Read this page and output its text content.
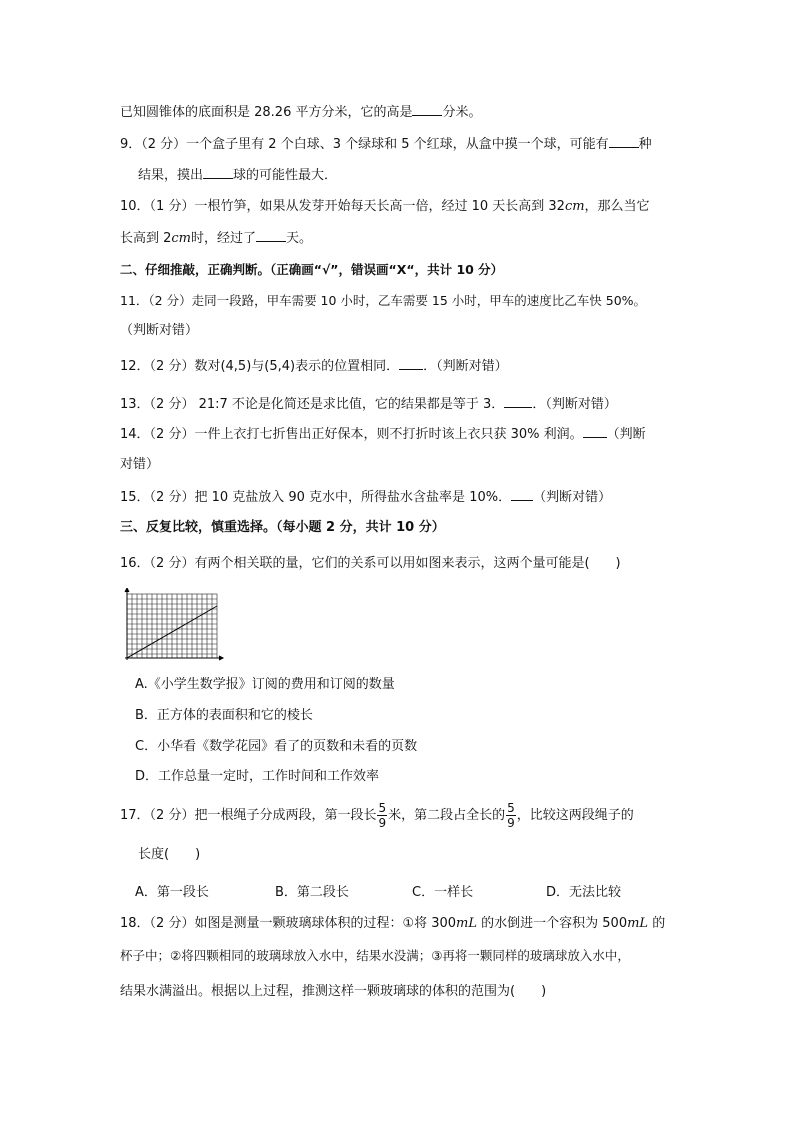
已知圆锥体的底面积是 28.26 平方分米，它的高是 分米。
9．（2 分）一个盒子里有 2 个白球、3 个绿球和 5 个红球，从盒中摸一个球，可能有 种
结果，摸出 球的可能性最大．
10．（1 分）一根竹笋，如果从发芽开始每天长高一倍，经过 10 天长高到 32cm，那么当它
长高到 2cm时，经过了 天。
二、仔细推敲，正确判断。（正确画“√”，错误画“X“，共计 10 分）
11．（2 分）走同一段路，甲车需要 10 小时，乙车需要 15 小时，甲车的速度比乙车快 50%。
（判断对错）
12．（2 分）数对(4,5)与(5,4)表示的位置相同． ．（判断对错）
13．（2 分） 21:7 不论是化简还是求比值，它的结果都是等于 3． ．（判断对错）
14．（2 分）一件上衣打七折售出正好保本，则不打折时该上衣只获 30% 利润。 （判断
对错）
15．（2 分）把 10 克盐放入 90 克水中，所得盐水含盐率是 10%． （判断对错）
三、反复比较，慎重选择。（每小题 2 分，共计 10 分）
16．（2 分）有两个相关联的量，它们的关系可以用如图来表示，这两个量可能是(　　)
A.《小学生数学报》订阅的费用和订阅的数量
B．正方体的表面积和它的棱长
C．小华看《数学花园》看了的页数和未看的页数
D．工作总量一定时，工作时间和工作效率
17．（2 分）把一根绳子分成两段，第一段长 $\frac{5}{9}$ 米，第二段占全长的 $\frac{5}{9}$ ，比较这两段绳子的
长度(　　)
A．第一段长	B．第二段长	C．一样长	D．无法比较
18．（2 分）如图是测量一颗玻璃球体积的过程：①将 300mL 的水倒进一个容积为 500mL 的
杯子中；②将四颗相同的玻璃球放入水中，结果水没满；③再将一颗同样的玻璃球放入水中，
结果水满溢出。根据以上过程，推测这样一颗玻璃球的体积的范围为(　　)
